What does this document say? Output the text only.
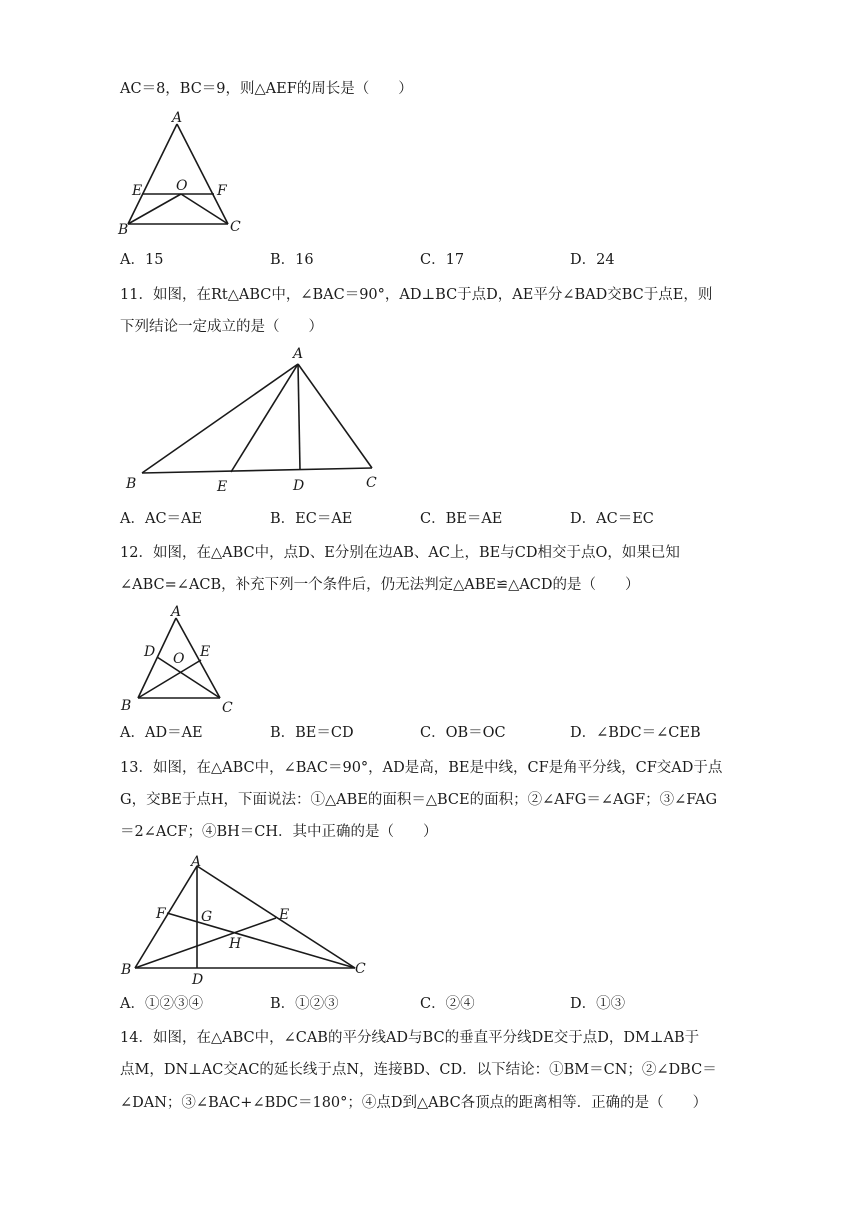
AC＝8，BC＝9，则△AEF的周长是（　　）
A
E O F
B	C
A．15	B．16	C．17	D．24
11．如图，在Rt△ABC中，∠BAC＝90°，AD⊥BC于点D，AE平分∠BAD交BC于点E，则
下列结论一定成立的是（　　）
A
B	E	D	C
A．AC＝AE	B．EC＝AE	C．BE＝AE	D．AC＝EC
12．如图，在△ABC中，点D、E分别在边AB、AC上，BE与CD相交于点O，如果已知
∠ABC=∠ACB，补充下列一个条件后，仍无法判定△ABE≌△ACD的是（　　）
A
D O E
B	C
A．AD＝AE	B．BE＝CD	C．OB＝OC	D．∠BDC＝∠CEB
13．如图，在△ABC中，∠BAC＝90°，AD是高，BE是中线，CF是角平分线，CF交AD于点
G，交BE于点H，下面说法：①△ABE的面积＝△BCE的面积；②∠AFG＝∠AGF；③∠FAG
＝2∠ACF；④BH＝CH．其中正确的是（　　）
A
F	G	E
H
B
D
C
A．①②③④	B．①②③	C．②④	D．①③
14．如图，在△ABC中，∠CAB的平分线AD与BC的垂直平分线DE交于点D，DM⊥AB于
点M，DN⊥AC交AC的延长线于点N，连接BD、CD．以下结论：①BM＝CN；②∠DBC＝
∠DAN；③∠BAC+∠BDC＝180°；④点D到△ABC各顶点的距离相等．正确的是（　　）
